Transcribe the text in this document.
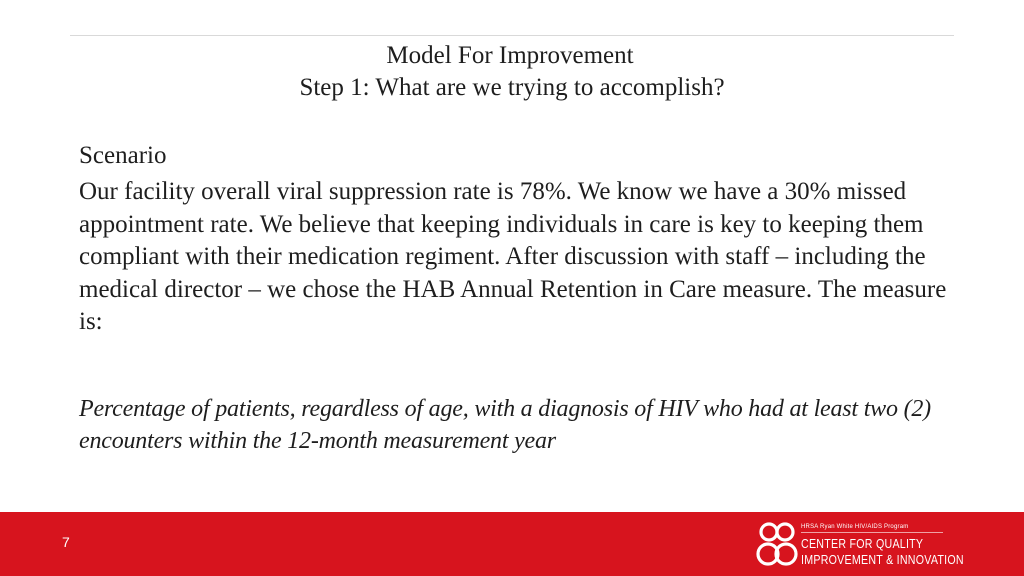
Model For Improvement
Step 1: What are we trying to accomplish?

Scenario

Our facility overall viral suppression rate is 78%. We know we have a 30% missed appointment rate. We believe that keeping individuals in care is key to keeping them compliant with their medication regiment. After discussion with staff – including the medical director – we chose the HAB Annual Retention in Care measure. The measure is:

Percentage of patients, regardless of age, with a diagnosis of HIV who had at least two (2) encounters within the 12-month measurement year
7
HRSA Ryan White HIV/AIDS Program
CENTER FOR QUALITY
IMPROVEMENT & INNOVATION
